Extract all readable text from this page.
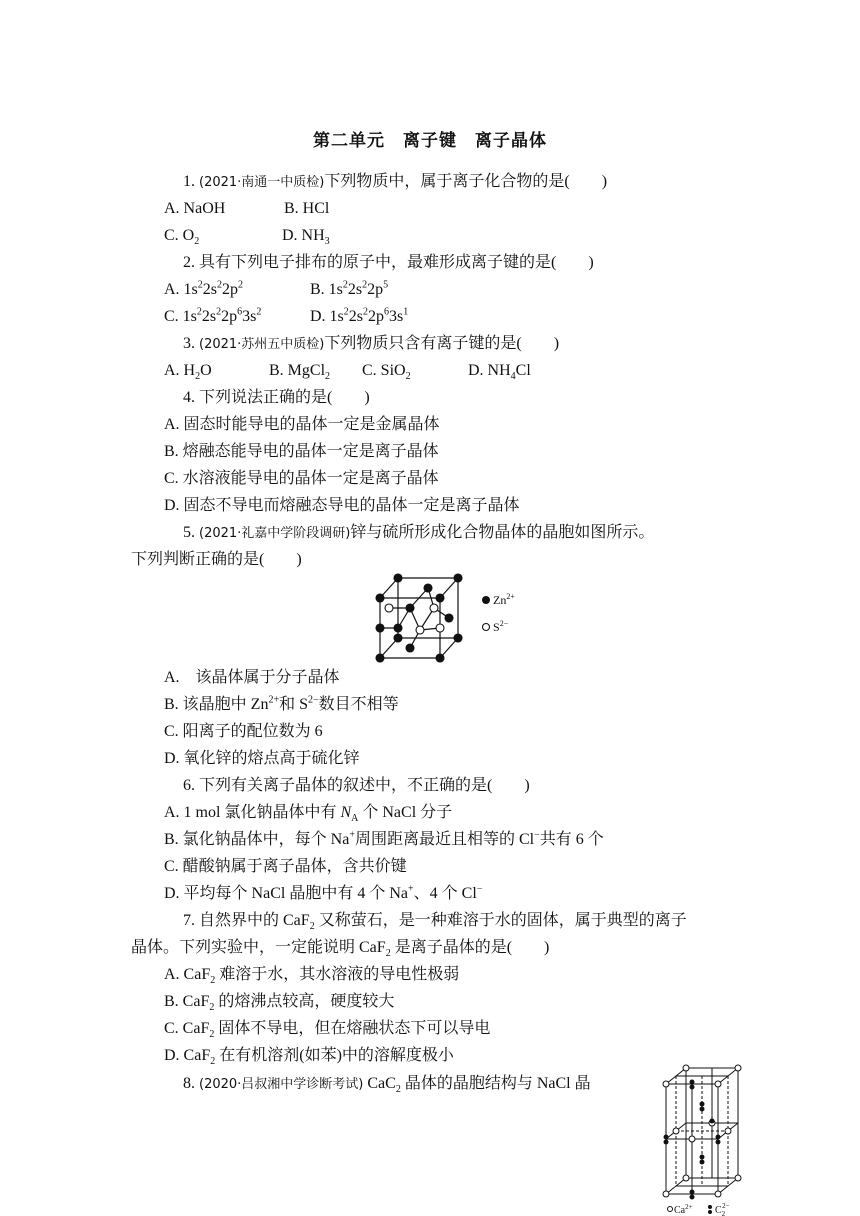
第二单元　离子键　离子晶体
1. (2021·南通一中质检)下列物质中，属于离子化合物的是(　　)
A. NaOH	B. HCl
C. $O_2$	D. $NH_3$
2. 具有下列电子排布的原子中，最难形成离子键的是(　　)
A. $1s^22s^22p^2$	B. $1s^22s^22p^5$
C. $1s^22s^22p^63s^2$	D. $1s^22s^22p^63s^1$
3. (2021·苏州五中质检)下列物质只含有离子键的是(　　)
A. $H_2O$	B. MgCl$_2$ C. SiO$_2$	D. $NH_4Cl$
4. 下列说法正确的是(　　)
A. 固态时能导电的晶体一定是金属晶体
B. 熔融态能导电的晶体一定是离子晶体
C. 水溶液能导电的晶体一定是离子晶体
D. 固态不导电而熔融态导电的晶体一定是离子晶体
5. (2021·礼嘉中学阶段调研)锌与硫所形成化合物晶体的晶胞如图所示。
下列判断正确的是(　　)
$Zn^{2+}$
$S^{2-}$
A.　该晶体属于分子晶体
B. 该晶胞中 $Zn^{2+}$和 $S^{2-}$数目不相等
C. 阳离子的配位数为 6
D. 氧化锌的熔点高于硫化锌
6. 下列有关离子晶体的叙述中，不正确的是(　　)
A. 1 mol 氯化钠晶体中有 $N_A$ 个 NaCl 分子
B. 氯化钠晶体中，每个 Na+周围距离最近且相等的 Cl−共有 6 个
C. 醋酸钠属于离子晶体，含共价键
D. 平均每个 NaCl 晶胞中有 4 个 Na+、4 个 Cl−
7. 自然界中的 CaF$_2$ 又称萤石，是一种难溶于水的固体，属于典型的离子
晶体。下列实验中，一定能说明 CaF$_2$ 是离子晶体的是(　　)
A. CaF$_2$ 难溶于水，其水溶液的导电性极弱
B. CaF$_2$ 的熔沸点较高，硬度较大
C. CaF$_2$ 固体不导电，但在熔融状态下可以导电
D. CaF$_2$ 在有机溶剂(如苯)中的溶解度极小
8. (2020·吕叔湘中学诊断考试) CaC$_2$ 晶体的晶胞结构与 NaCl 晶
$Ca^{2+}$ $C_22-$
